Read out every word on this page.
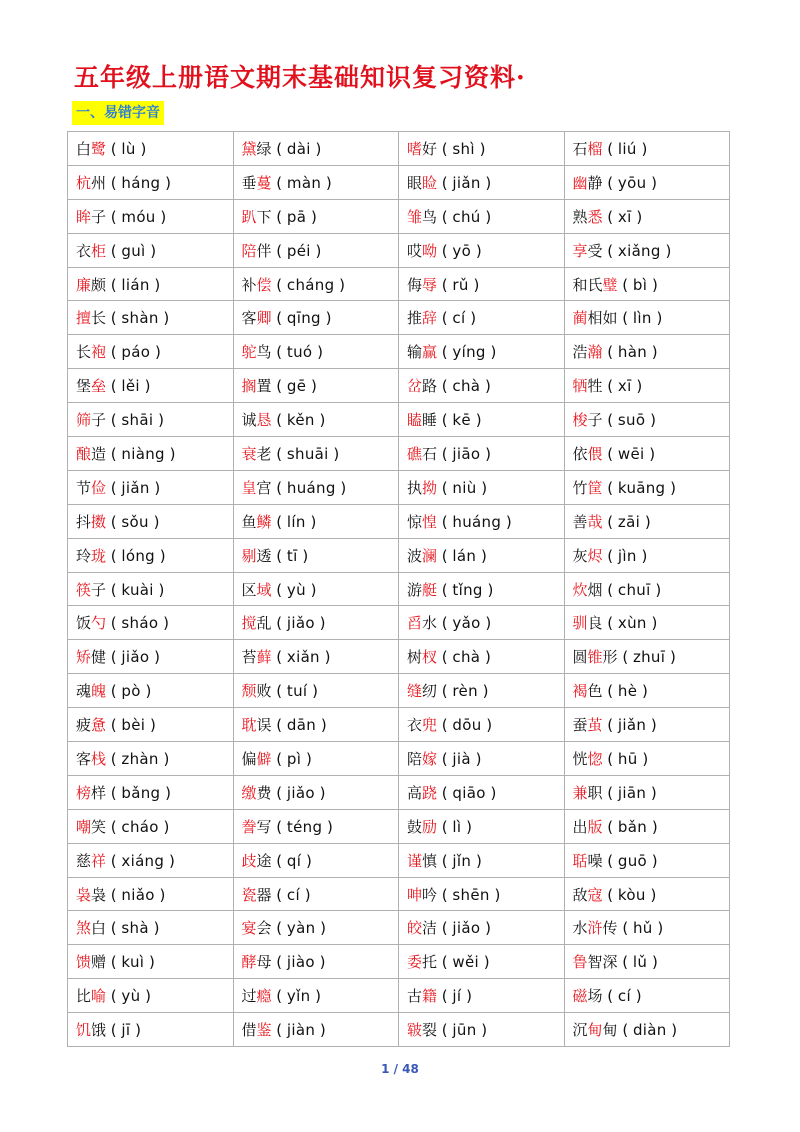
五年级上册语文期末基础知识复习资料·
一、易错字音
白鹭 ( lù )	黛绿 ( dài )	嗜好 ( shì )	石榴 ( liú )
杭州 ( háng )	垂蔓 ( màn )	眼睑 ( jiǎn )	幽静 ( yōu )
眸子 ( móu )	趴下 ( pā )	雏鸟 ( chú )	熟悉 ( xī )
衣柜 ( guì )	陪伴 ( péi )	哎呦 ( yō )	享受 ( xiǎng )
廉颇 ( lián )	补偿 ( cháng )	侮辱 ( rǔ )	和氏璧 ( bì )
擅长 ( shàn )	客卿 ( qīng )	推辞 ( cí )	蔺相如 ( lìn )
长袍 ( páo )	鸵鸟 ( tuó )	输赢 ( yíng )	浩瀚 ( hàn )
堡垒 ( lěi )	搁置 ( gē )	岔路 ( chà )	牺牲 ( xī )
筛子 ( shāi )	诚恳 ( kěn )	瞌睡 ( kē )	梭子 ( suō )
酿造 ( niàng )	衰老 ( shuāi )	礁石 ( jiāo )	依偎 ( wēi )
节俭 ( jiǎn )	皇宫 ( huáng )	执拗 ( niù )	竹筐 ( kuāng )
抖擞 ( sǒu )	鱼鳞 ( lín )	惊惶 ( huáng )	善哉 ( zāi )
玲珑 ( lóng )	剔透 ( tī )	波澜 ( lán )	灰烬 ( jìn )
筷子 ( kuài )	区域 ( yù )	游艇 ( tǐng )	炊烟 ( chuī )
饭勺 ( sháo )	搅乱 ( jiǎo )	舀水 ( yǎo )	驯良 ( xùn )
矫健 ( jiǎo )	苔藓 ( xiǎn )	树杈 ( chà )	圆锥形 ( zhuī )
魂魄 ( pò )	颓败 ( tuí )	缝纫 ( rèn )	褐色 ( hè )
疲惫 ( bèi )	耽误 ( dān )	衣兜 ( dōu )	蚕茧 ( jiǎn )
客栈 ( zhàn )	偏僻 ( pì )	陪嫁 ( jià )	恍惚 ( hū )
榜样 ( bǎng )	缴费 ( jiǎo )	高跷 ( qiāo )	兼职 ( jiān )
嘲笑 ( cháo )	誊写 ( téng )	鼓励 ( lì )	出版 ( bǎn )
慈祥 ( xiáng )	歧途 ( qí )	谨慎 ( jǐn )	聒噪 ( guō )
袅袅 ( niǎo )	瓷器 ( cí )	呻吟 ( shēn )	敌寇 ( kòu )
煞白 ( shà )	宴会 ( yàn )	皎洁 ( jiǎo )	水浒传 ( hǔ )
馈赠 ( kuì )	酵母 ( jiào )	委托 ( wěi )	鲁智深 ( lǔ )
比喻 ( yù )	过瘾 ( yǐn )	古籍 ( jí )	磁场 ( cí )
饥饿 ( jī )	借鉴 ( jiàn )	皲裂 ( jūn )	沉甸甸 ( diàn )
1 / 48
